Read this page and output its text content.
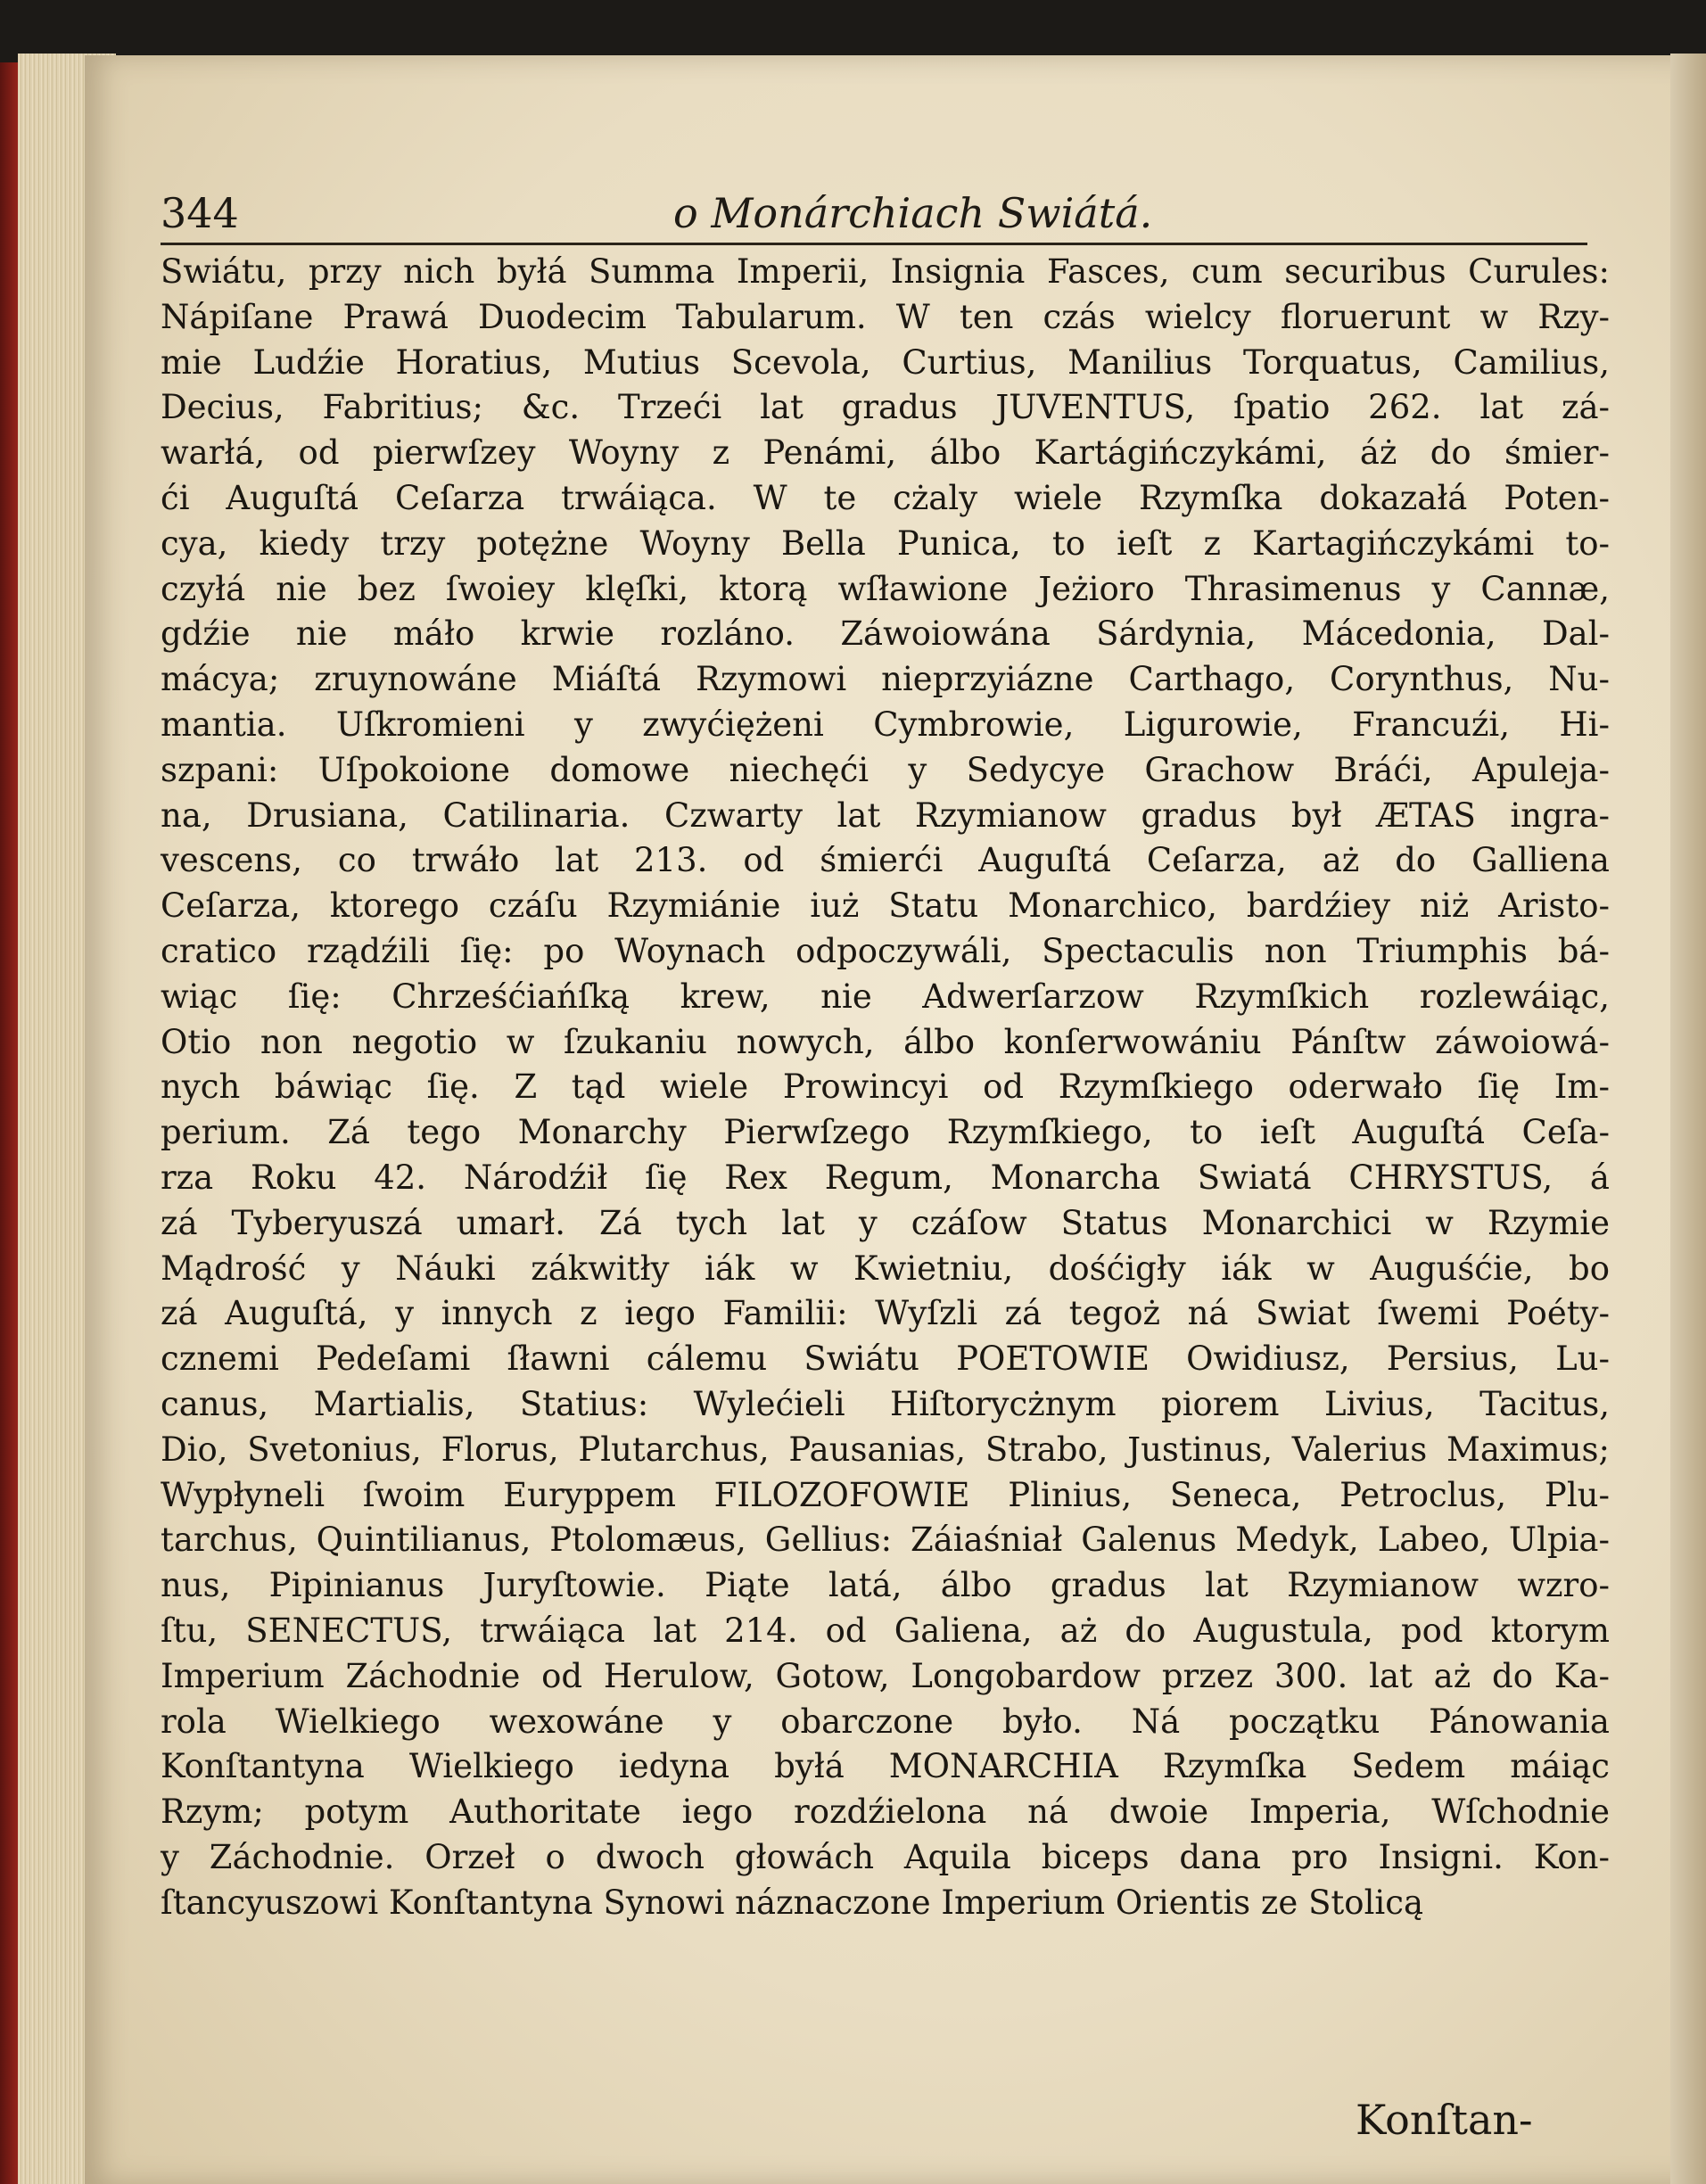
344	o Monárchiach Swiátá.
Swiátu, przy nich byłá Summa Imperii, Insignia Fasces, cum securibus Curules:
Nápiſane Prawá Duodecim Tabularum. W ten czás wielcy floruerunt w Rzy-
mie Ludźie Horatius, Mutius Scevola, Curtius, Manilius Torquatus, Camilius,
Decius, Fabritius; &c. Trzeći lat gradus JUVENTUS, ſpatio 262. lat zá-
warłá, od pierwſzey Woyny z Penámi, álbo Kartágińczykámi, áż do śmier-
ći Auguſtá Ceſarza trwáiąca. W te cżaly wiele Rzymſka dokazałá Poten-
cya, kiedy trzy potężne Woyny Bella Punica, to ieſt z Kartagińczykámi to-
czyłá nie bez ſwoiey klęſki, ktorą wſławione Jeżioro Thrasimenus y Cannæ,
gdźie nie máło krwie rozláno. Záwoiowána Sárdynia, Mácedonia, Dal-
mácya; zruynowáne Miáſtá Rzymowi nieprzyiázne Carthago, Corynthus, Nu-
mantia. Uſkromieni y zwyćiężeni Cymbrowie, Ligurowie, Francuźi, Hi-
szpani: Uſpokoione domowe niechęći y Sedycye Grachow Bráći, Apuleja-
na, Drusiana, Catilinaria. Czwarty lat Rzymianow gradus był ÆTAS ingra-
vescens, co trwáło lat 213. od śmierći Auguſtá Ceſarza, aż do Galliena
Ceſarza, ktorego czáſu Rzymiánie iuż Statu Monarchico, bardźiey niż Aristo-
cratico rządźili ſię: po Woynach odpoczywáli, Spectaculis non Triumphis bá-
wiąc ſię: Chrześćiańſką krew, nie Adwerſarzow Rzymſkich rozlewáiąc,
Otio non negotio w ſzukaniu nowych, álbo konſerwowániu Pánſtw záwoiowá-
nych báwiąc ſię. Z tąd wiele Prowincyi od Rzymſkiego oderwało ſię Im-
perium. Zá tego Monarchy Pierwſzego Rzymſkiego, to ieſt Auguſtá Ceſa-
rza Roku 42. Národźił ſię Rex Regum, Monarcha Swiatá CHRYSTUS, á
zá Tyberyuszá umarł. Zá tych lat y czáſow Status Monarchici w Rzymie
Mądrość y Náuki zákwitły iák w Kwietniu, dośćigły iák w Auguśćie, bo
zá Auguſtá, y innych z iego Familii: Wyſzli zá tegoż ná Swiat ſwemi Poéty-
cznemi Pedeſami ſławni cálemu Swiátu POETOWIE Owidiusz, Persius, Lu-
canus, Martialis, Statius: Wylećieli Hiſtorycżnym piorem Livius, Tacitus,
Dio, Svetonius, Florus, Plutarchus, Pausanias, Strabo, Justinus, Valerius Maximus;
Wypłyneli ſwoim Euryppem FILOZOFOWIE Plinius, Seneca, Petroclus, Plu-
tarchus, Quintilianus, Ptolomæus, Gellius: Záiaśniał Galenus Medyk, Labeo, Ulpia-
nus, Pipinianus Juryſtowie. Piąte latá, álbo gradus lat Rzymianow wzro-
ſtu, SENECTUS, trwáiąca lat 214. od Galiena, aż do Augustula, pod ktorym
Imperium Záchodnie od Herulow, Gotow, Longobardow przez 300. lat aż do Ka-
rola Wielkiego wexowáne y obarczone było. Ná początku Pánowania
Konſtantyna Wielkiego iedyna byłá MONARCHIA Rzymſka Sedem máiąc
Rzym; potym Authoritate iego rozdźielona ná dwoie Imperia, Wſchodnie
y Záchodnie. Orzeł o dwoch głowách Aquila biceps dana pro Insigni. Kon-
ſtancyuszowi Konſtantyna Synowi náznaczone Imperium Orientis ze Stolicą
Konſtan-
